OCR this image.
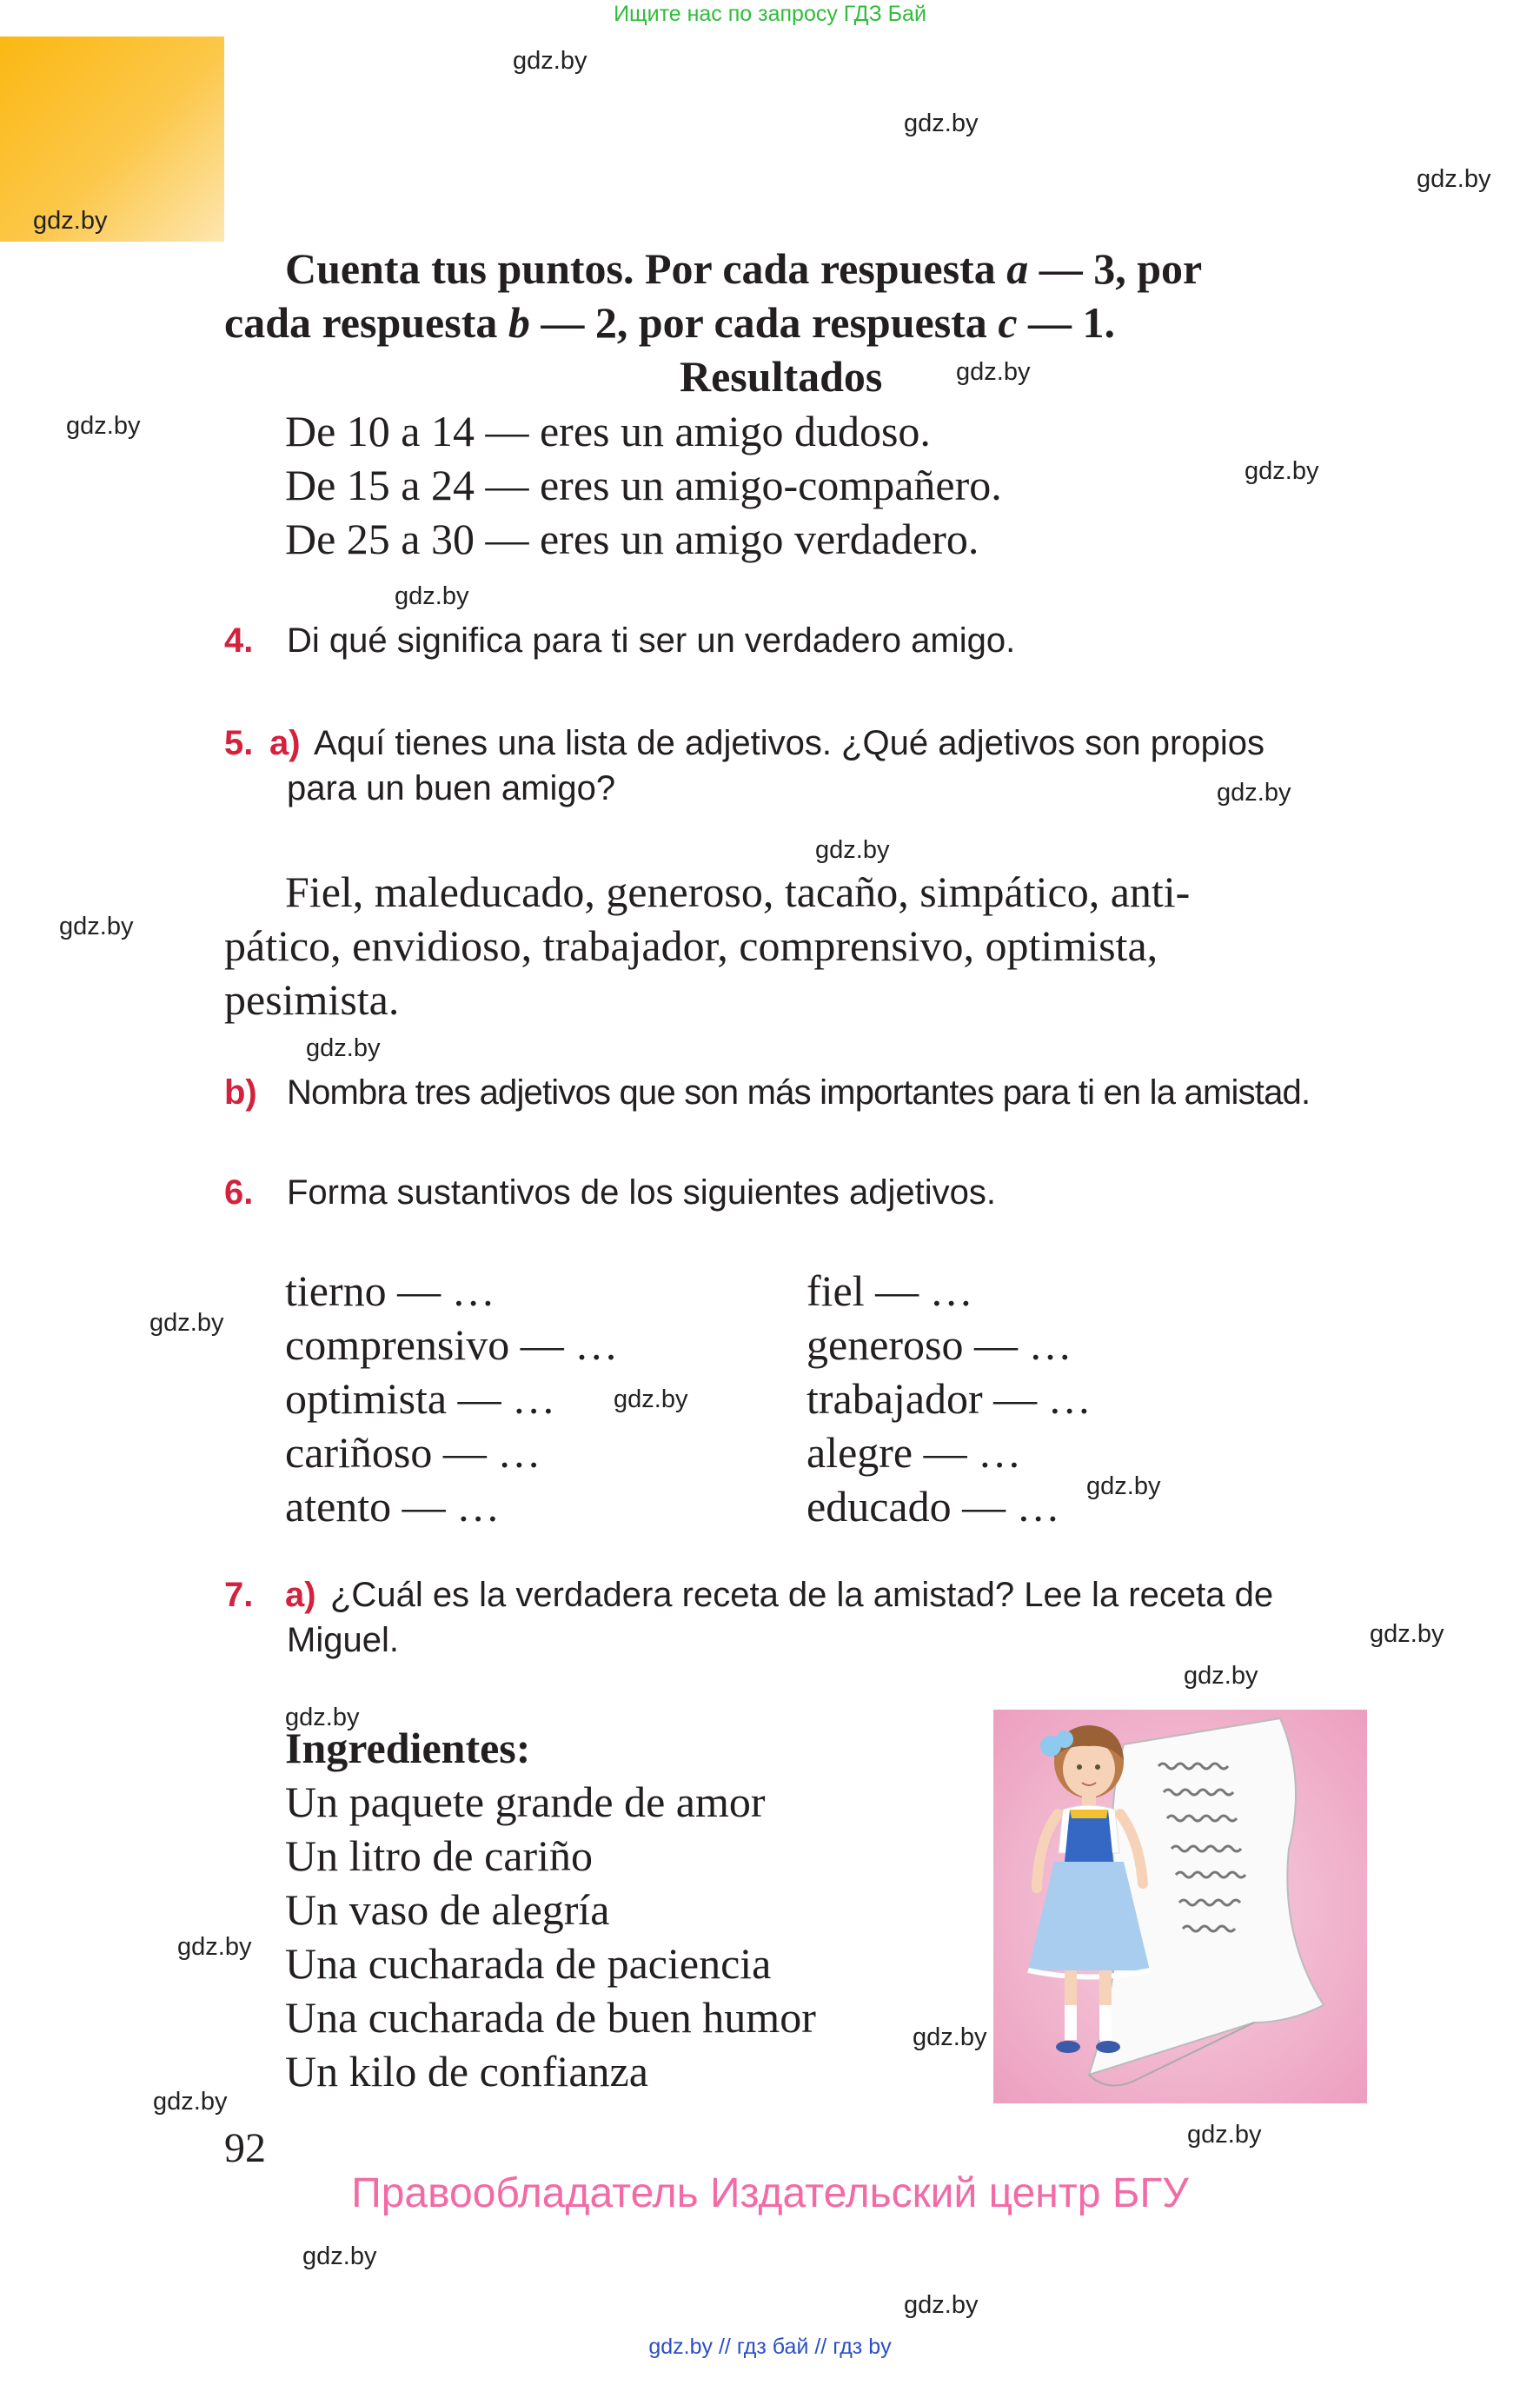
Ищите нас по запросу ГДЗ Бай
gdz.by
gdz.by
gdz.by
gdz.by
gdz.by
gdz.by
gdz.by
gdz.by
gdz.by
gdz.by
gdz.by
gdz.by
gdz.by
gdz.by
gdz.by
gdz.by
gdz.by
gdz.by
gdz.by
gdz.by
gdz.by
gdz.by
gdz.by
gdz.by
Cuenta tus puntos. Por cada respuesta a — 3, por
cada respuesta b — 2, por cada respuesta c — 1.
Resultados
De 10 a 14 — eres un amigo dudoso.
De 15 a 24 — eres un amigo-compañero.
De 25 a 30 — eres un amigo verdadero.
4. Di qué significa para ti ser un verdadero amigo.
5. a) Aquí tienes una lista de adjetivos. ¿Qué adjetivos son propios
para un buen amigo?
Fiel, maleducado, generoso, tacaño, simpático, anti-
pático, envidioso, trabajador, comprensivo, optimista,
pesimista.
b) Nombra tres adjetivos que son más importantes para ti en la amistad.
6. Forma sustantivos de los siguientes adjetivos.
tierno — …
comprensivo — …
optimista — …
cariñoso — …
atento — …
fiel — …
generoso — …
trabajador — …
alegre — …
educado — …
7. a) ¿Cuál es la verdadera receta de la amistad? Lee la receta de
Miguel.
Ingredientes:
Un paquete grande de amor
Un litro de cariño
Un vaso de alegría
Una cucharada de paciencia
Una cucharada de buen humor
Un kilo de confianza
92
Правообладатель Издательский центр БГУ
gdz.by // гдз бай // гдз by
